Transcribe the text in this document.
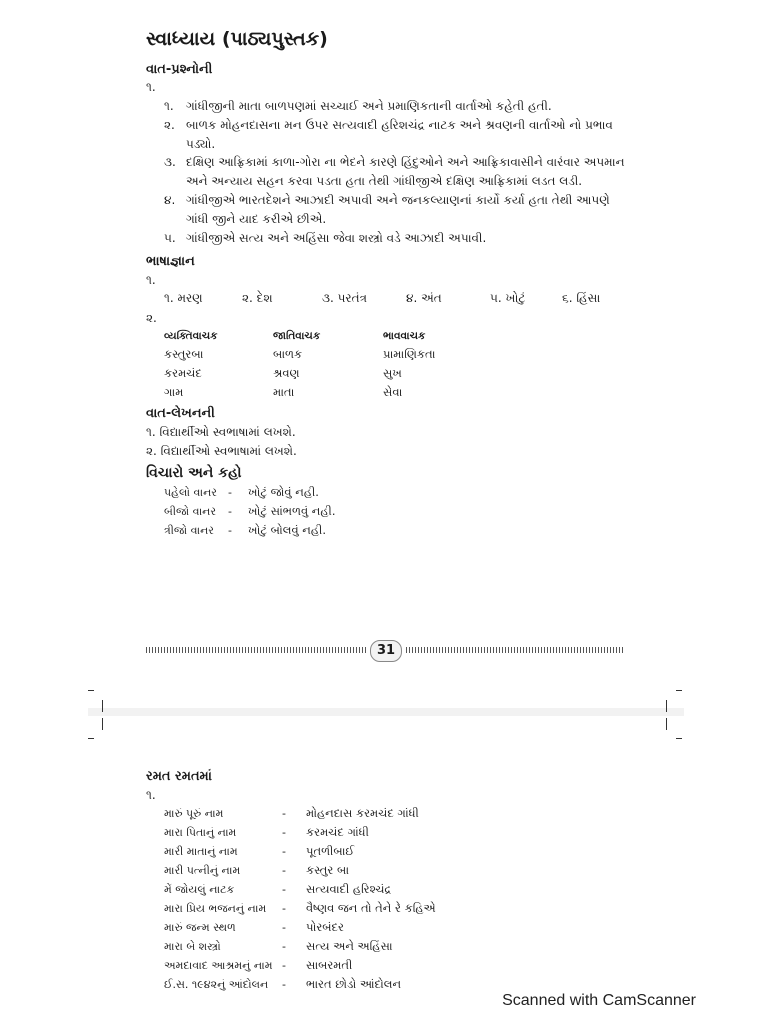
સ્વાધ્યાય (પાઠ્યપુસ્તક)
વાત-પ્રશ્નોની
૧.
૧. ગાંધીજીની માતા બાળપણમાં સચ્ચાઈ અને પ્રમાણિકતાની વાર્તાઓ કહેતી હતી.
૨. બાળક મોહનદાસના મન ઉપર સત્યવાદી હરિશચંદ્ર નાટક અને શ્રવણની વાર્તાઓ નો પ્રભાવ પડ્યો.
૩. દક્ષિણ આફ્રિકામાં કાળા-ગોરા ના ભેદને કારણે હિંદુઓને અને આફ્રિકાવાસીને વારંવાર અપમાન અને અન્યાય સહન કરવા પડતા હતા તેથી ગાંધીજીએ દક્ષિણ આફ્રિકામાં લડત લડી.
૪. ગાંધીજીએ ભારતદેશને આઝાદી અપાવી અને જનકલ્યાણનાં કાર્યો કર્યા હતા તેથી આપણે ગાંધી જીને યાદ કરીએ છીએ.
૫. ગાંધીજીએ સત્ય અને અહિંસા જેવા શસ્ત્રો વડે આઝાદી અપાવી.
ભાષાજ્ઞાન
૧.
૧. મરણ	૨. દેશ	૩. પરતંત્ર	૪. અંત	૫. ખોટું	૬. હિંસા
૨.
વ્યક્તિવાચક	જાતિવાચક	ભાવવાચક
કસ્તુરબા	બાળક	પ્રામાણિકતા
કરમચંદ	શ્રવણ	સુખ
ગામ	માતા	સેવા
વાત-લેખનની
૧. વિદ્યાર્થીઓ સ્વભાષામાં લખશે.
૨. વિદ્યાર્થીઓ સ્વભાષામાં લખશે.
વિચારો અને કહો
પહેલો વાનર - ખોટું જોવું નહી.
બીજો વાનર - ખોટું સાંભળવું નહી.
ત્રીજો વાનર - ખોટું બોલવું નહી.
31
રમત રમતમાં
૧.
મારું પૂરું નામ	- મોહનદાસ કરમચંદ ગાંધી
મારા પિતાનું નામ	- કરમચંદ ગાંધી
મારી માતાનું નામ	- પૂતળીબાઈ
મારી પત્નીનું નામ	- કસ્તુર બા
મેં જોયલું નાટક	- સત્યવાદી હરિશ્ચંદ્ર
મારા પ્રિય ભજનનું નામ - વૈષ્ણવ જન તો તેને રે કહિએ
મારું જન્મ સ્થળ	- પોરબંદર
મારા બે શસ્ત્રો	- સત્ય અને અહિંસા
અમદાવાદ આશ્રમનું નામ - સાબરમતી
ઈ.સ. ૧૯૪૨નું આંદોલન - ભારત છોડો આંદોલન
Scanned with CamScanner
